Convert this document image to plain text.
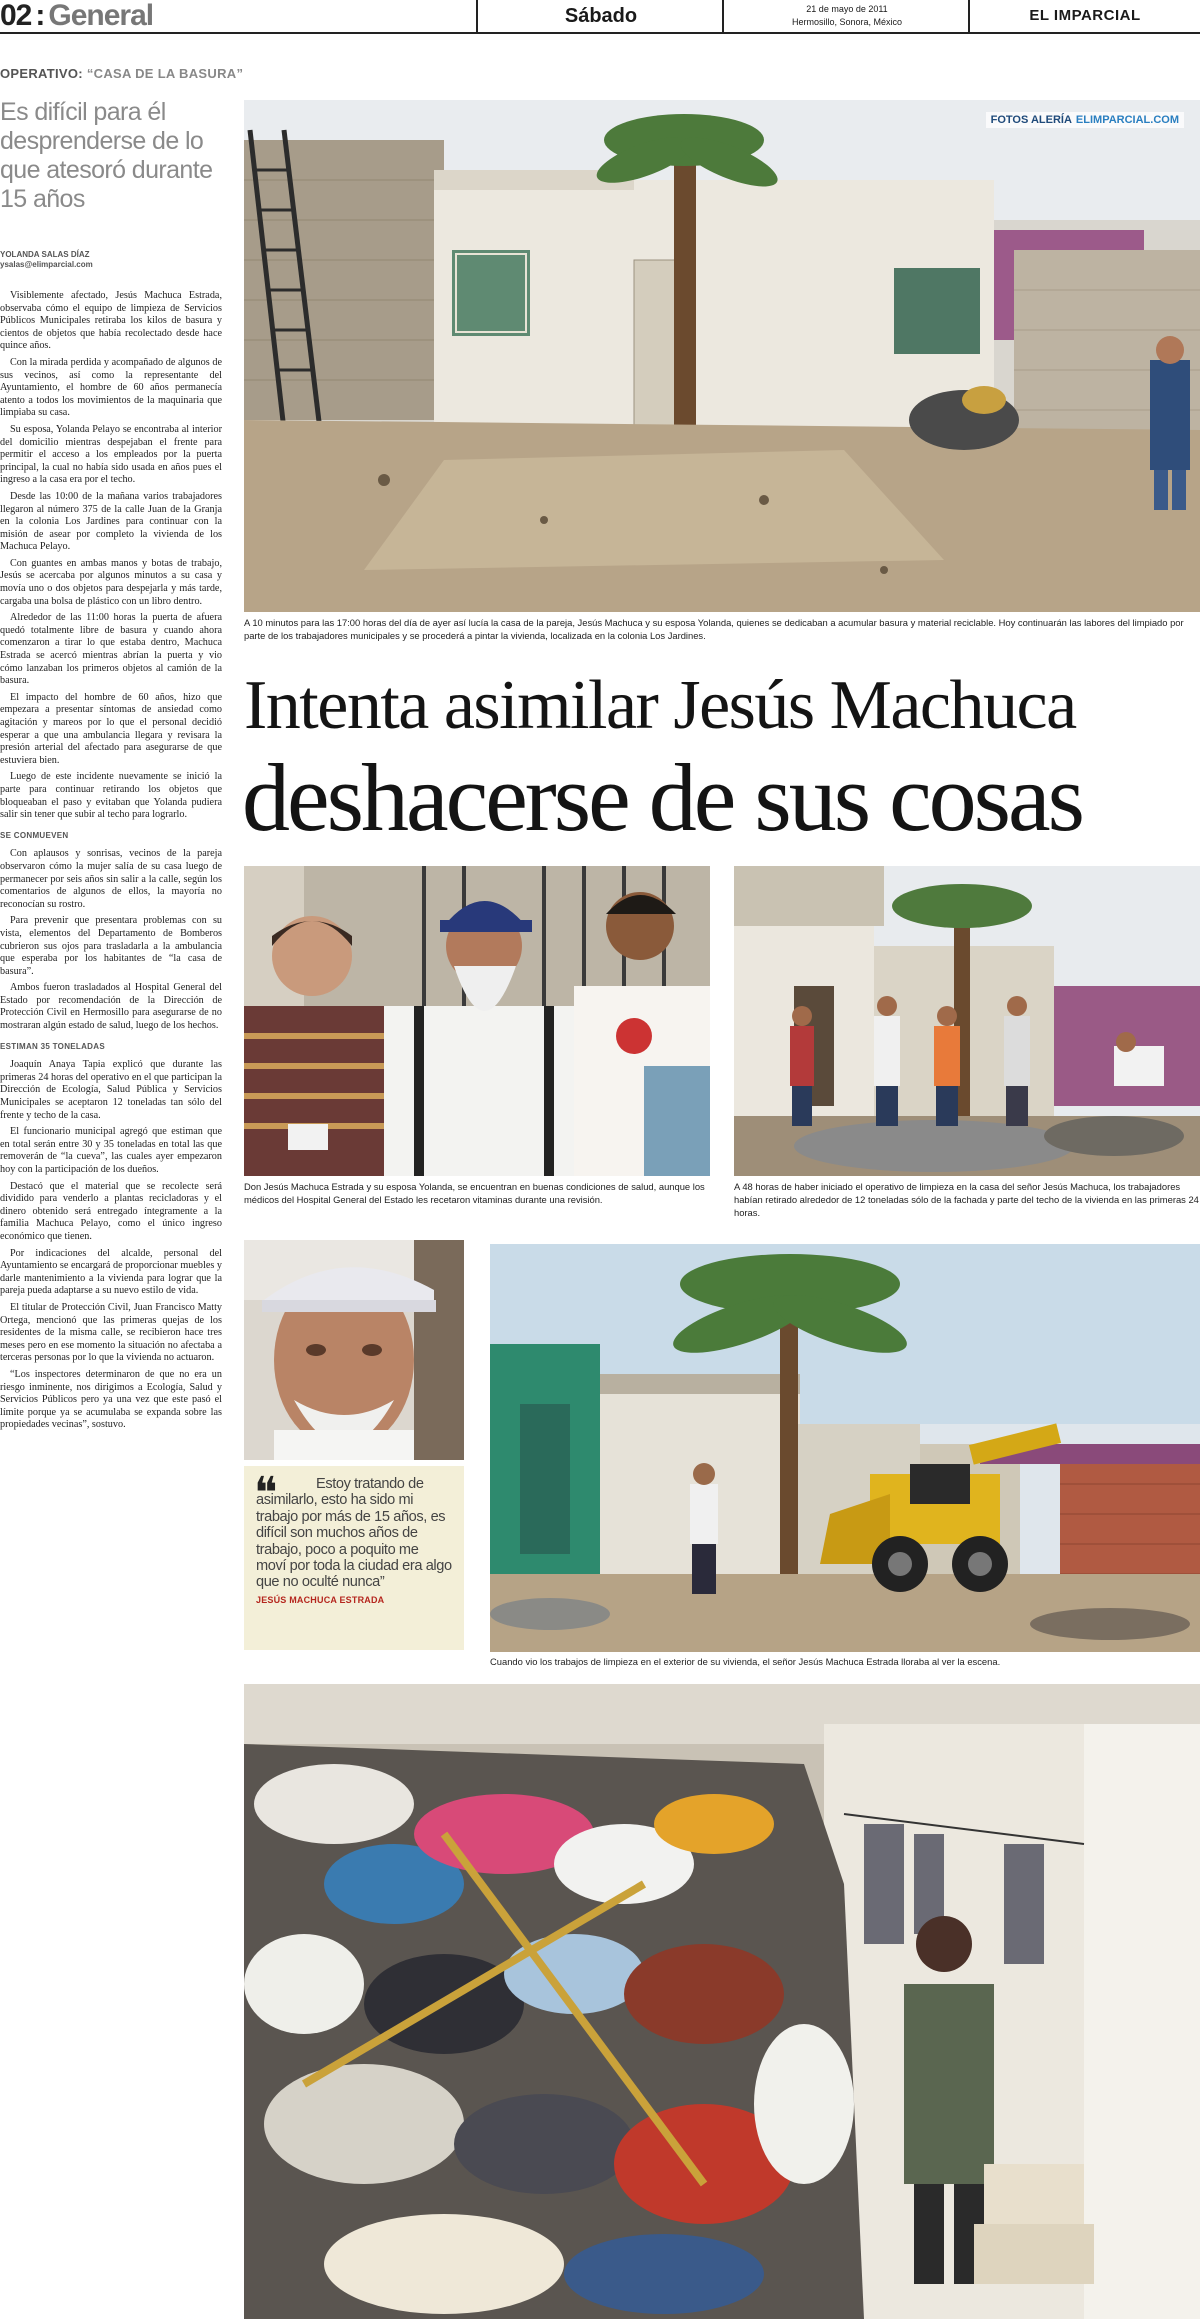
02 : General	Sábado	21 de mayo de 2011
Hermosillo, Sonora, México	EL IMPARCIAL
OPERATIVO: “CASA DE LA BASURA”
Es difícil para él desprenderse de lo que atesoró durante 15 años
YOLANDA SALAS DÍAZ
ysalas@elimparcial.com

Visiblemente afectado, Jesús Machuca Estrada, observaba cómo el equipo de limpieza de Servicios Públicos Municipales retiraba los kilos de basura y cientos de objetos que había recolectado desde hace quince años.

Con la mirada perdida y acompañado de algunos de sus vecinos, así como la representante del Ayuntamiento, el hombre de 60 años permanecía atento a todos los movimientos de la maquinaria que limpiaba su casa.

Su esposa, Yolanda Pelayo se encontraba al interior del domicilio mientras despejaban el frente para permitir el acceso a los empleados por la puerta principal, la cual no había sido usada en años pues el ingreso a la casa era por el techo.

Desde las 10:00 de la mañana varios trabajadores llegaron al número 375 de la calle Juan de la Granja en la colonia Los Jardines para continuar con la misión de asear por completo la vivienda de los Machuca Pelayo.

Con guantes en ambas manos y botas de trabajo, Jesús se acercaba por algunos minutos a su casa y movía uno o dos objetos para despejarla y más tarde, cargaba una bolsa de plástico con un libro dentro.

Alrededor de las 11:00 horas la puerta de afuera quedó totalmente libre de basura y cuando ahora comenzaron a tirar lo que estaba dentro, Machuca Estrada se acercó mientras abrían la puerta y vio cómo lanzaban los primeros objetos al camión de la basura.

El impacto del hombre de 60 años, hizo que empezara a presentar síntomas de ansiedad como agitación y mareos por lo que el personal decidió esperar a que una ambulancia llegara y revisara la presión arterial del afectado para asegurarse de que estuviera bien.

Luego de este incidente nuevamente se inició la parte para continuar retirando los objetos que bloqueaban el paso y evitaban que Yolanda pudiera salir sin tener que subir al techo para lograrlo.

SE CONMUEVEN

Con aplausos y sonrisas, vecinos de la pareja observaron cómo la mujer salía de su casa luego de permanecer por seis años sin salir a la calle, según los comentarios de algunos de ellos, la mayoría no reconocían su rostro.

Para prevenir que presentara problemas con su vista, elementos del Departamento de Bomberos cubrieron sus ojos para trasladarla a la ambulancia que esperaba por los habitantes de “la casa de basura”.

Ambos fueron trasladados al Hospital General del Estado por recomendación de la Dirección de Protección Civil en Hermosillo para asegurarse de no mostraran algún estado de salud, luego de los hechos.

ESTIMAN 35 TONELADAS

Joaquín Anaya Tapia explicó que durante las primeras 24 horas del operativo en el que participan la Dirección de Ecología, Salud Pública y Servicios Municipales se aceptaron 12 toneladas tan sólo del frente y techo de la casa.

El funcionario municipal agregó que estiman que en total serán entre 30 y 35 toneladas en total las que removerán de “la cueva”, las cuales ayer empezaron hoy con la participación de los dueños.

Destacó que el material que se recolecte será dividido para venderlo a plantas recicladoras y el dinero obtenido será entregado íntegramente a la familia Machuca Pelayo, como el único ingreso económico que tienen.

Por indicaciones del alcalde, personal del Ayuntamiento se encargará de proporcionar muebles y darle mantenimiento a la vivienda para lograr que la pareja pueda adaptarse a su nuevo estilo de vida.

El titular de Protección Civil, Juan Francisco Matty Ortega, mencionó que las primeras quejas de los residentes de la misma calle, se recibieron hace tres meses pero en ese momento la situación no afectaba a terceras personas por lo que la vivienda no actuaron.

“Los inspectores determinaron de que no era un riesgo inminente, nos dirigimos a Ecología, Salud y Servicios Públicos pero ya una vez que este pasó el límite porque ya se acumulaba se expanda sobre las propiedades vecinas”, sostuvo.

FOTOS ALERÍA ELIMPARCIAL.COM
A 10 minutos para las 17:00 horas del día de ayer así lucía la casa de la pareja, Jesús Machuca y su esposa Yolanda, quienes se dedicaban a acumular basura y material reciclable. Hoy continuarán las labores del limpiado por parte de los trabajadores municipales y se procederá a pintar la vivienda, localizada en la colonia Los Jardines.
Intenta asimilar Jesús Machuca
deshacerse de sus cosas
Don Jesús Machuca Estrada y su esposa Yolanda, se encuentran en buenas condiciones de salud, aunque los médicos del Hospital General del Estado les recetaron vitaminas durante una revisión.
A 48 horas de haber iniciado el operativo de limpieza en la casa del señor Jesús Machuca, los trabajadores habían retirado alrededor de 12 toneladas sólo de la fachada y parte del techo de la vivienda en las primeras 24 horas.
❝	Estoy tratando de asimilarlo, esto ha sido mi trabajo por más de 15 años, es difícil son muchos años de trabajo, poco a poquito me moví por toda la ciudad era algo que no oculté nunca”
JESÚS MACHUCA ESTRADA
Cuando vio los trabajos de limpieza en el exterior de su vivienda, el señor Jesús Machuca Estrada lloraba al ver la escena.
